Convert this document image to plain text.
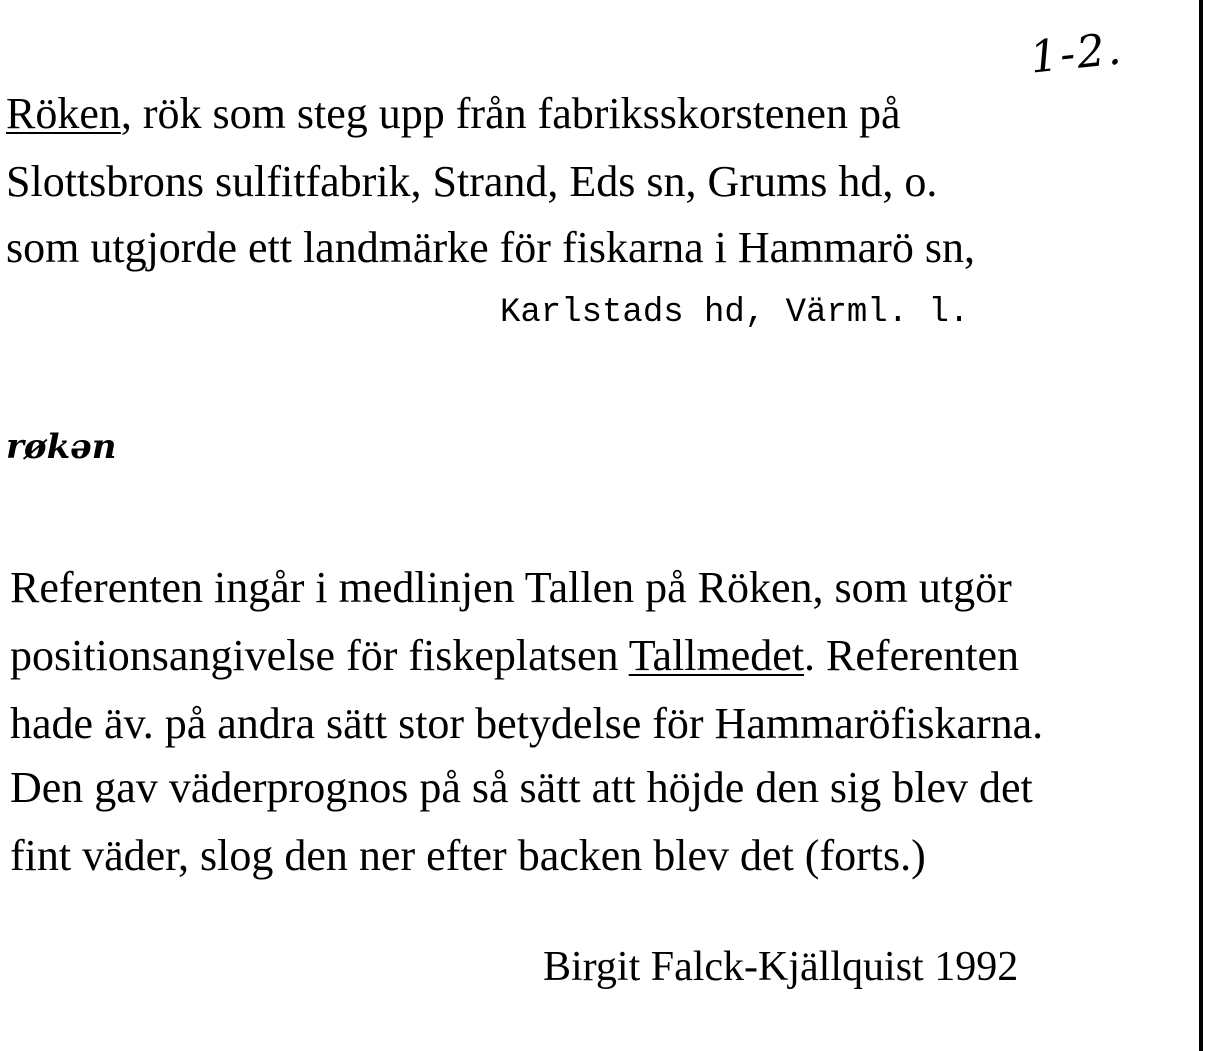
1-2.
Röken, rök som steg upp från fabriksskorstenen på
Slottsbrons sulfitfabrik, Strand, Eds sn, Grums hd, o.
som utgjorde ett landmärke för fiskarna i Hammarö sn,
Karlstads hd, Värml. l.
røkən
Referenten ingår i medlinjen Tallen på Röken, som utgör
positionsangivelse för fiskeplatsen Tallmedet. Referenten
hade äv. på andra sätt stor betydelse för Hammaröfiskarna.
Den gav väderprognos på så sätt att höjde den sig blev det
fint väder, slog den ner efter backen blev det (forts.)
Birgit Falck-Kjällquist 1992
